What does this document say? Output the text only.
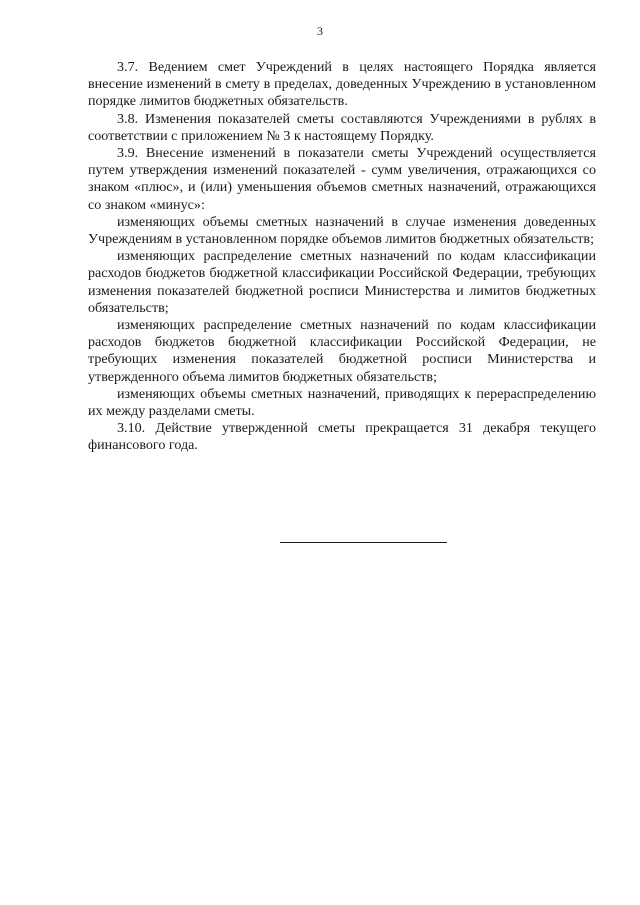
3

3.7. Ведением смет Учреждений в целях настоящего Порядка является внесение изменений в смету в пределах, доведенных Учреждению в установленном порядке лимитов бюджетных обязательств.

3.8. Изменения показателей сметы составляются Учреждениями в рублях в соответствии с приложением № 3 к настоящему Порядку.

3.9. Внесение изменений в показатели сметы Учреждений осуществляется путем утверждения изменений показателей - сумм увеличения, отражающихся со знаком «плюс», и (или) уменьшения объемов сметных назначений, отражающихся со знаком «минус»:

изменяющих объемы сметных назначений в случае изменения доведенных Учреждениям в установленном порядке объемов лимитов бюджетных обязательств;

изменяющих распределение сметных назначений по кодам классификации расходов бюджетов бюджетной классификации Российской Федерации, требующих изменения показателей бюджетной росписи Министерства и лимитов бюджетных обязательств;

изменяющих распределение сметных назначений по кодам классификации расходов бюджетов бюджетной классификации Российской Федерации, не требующих изменения показателей бюджетной росписи Министерства и утвержденного объема лимитов бюджетных обязательств;

изменяющих объемы сметных назначений, приводящих к перераспределению их между разделами сметы.

3.10. Действие утвержденной сметы прекращается 31 декабря текущего финансового года.
